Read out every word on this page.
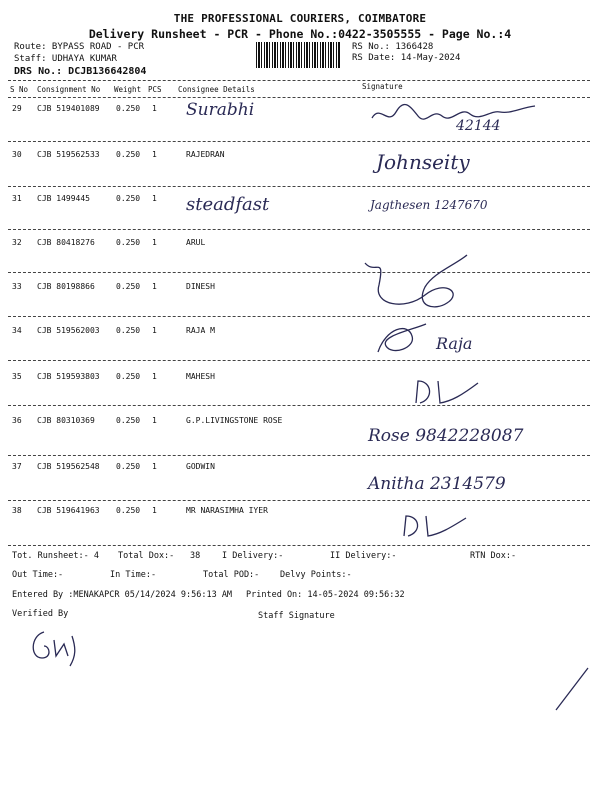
THE PROFESSIONAL COURIERS, COIMBATORE
Delivery Runsheet - PCR - Phone No.:0422-3505555 - Page No.:4
Route: BYPASS ROAD - PCR
Staff: UDHAYA KUMAR
DRS No.: DCJB136642804
RS No.: 1366428
RS Date: 14-May-2024
S No Consignment No Weight PCS Consignee Details	Signature
29 CJB 519401089 0.250 1 Surabhi
42144
30 CJB 519562533 0.250 1	RAJEDRAN	Johnseity
31 CJB 1499445	0.250 1 steadfast	Jagthesen 1247670
32 CJB 80418276	0.250 1	ARUL
33 CJB 80198866	0.250 1	DINESH
34 CJB 519562003 0.250 1	RAJA M
Raja
35 CJB 519593803 0.250 1	MAHESH
36 CJB 80310369	0.250 1	G.P.LIVINGSTONE ROSE
Rose 9842228087
37 CJB 519562548 0.250 1	GODWIN
Anitha 2314579
38 CJB 519641963 0.250 1	MR NARASIMHA IYER
Tot. Runsheet:- 4 Total Dox:- 38	I Delivery:-	II Delivery:-	RTN Dox:-
Out Time:-	In Time:-	Total POD:- Delvy Points:-
Entered By :MENAKAPCR 05/14/2024 9:56:13 AM Printed On: 14-05-2024 09:56:32
Verified By	Staff Signature
